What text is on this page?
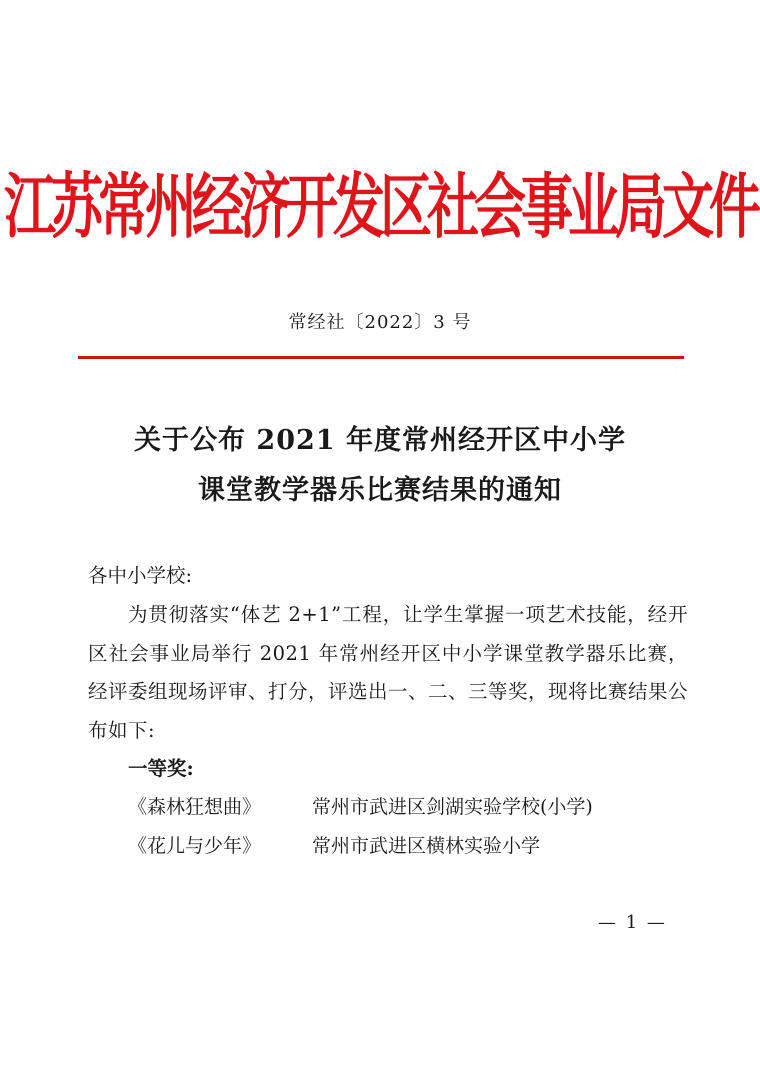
江苏常州经济开发区社会事业局文件
常经社〔2022〕3 号
关于公布 2021 年度常州经开区中小学
课堂教学器乐比赛结果的通知
各中小学校:
为贯彻落实“体艺 2+1”工程，让学生掌握一项艺术技能，经开区社会事业局举行 2021 年常州经开区中小学课堂教学器乐比赛，经评委组现场评审、打分，评选出一、二、三等奖，现将比赛结果公布如下:
一等奖:
《森林狂想曲》	常州市武进区剑湖实验学校(小学)
《花儿与少年》	常州市武进区横林实验小学
— 1 —
